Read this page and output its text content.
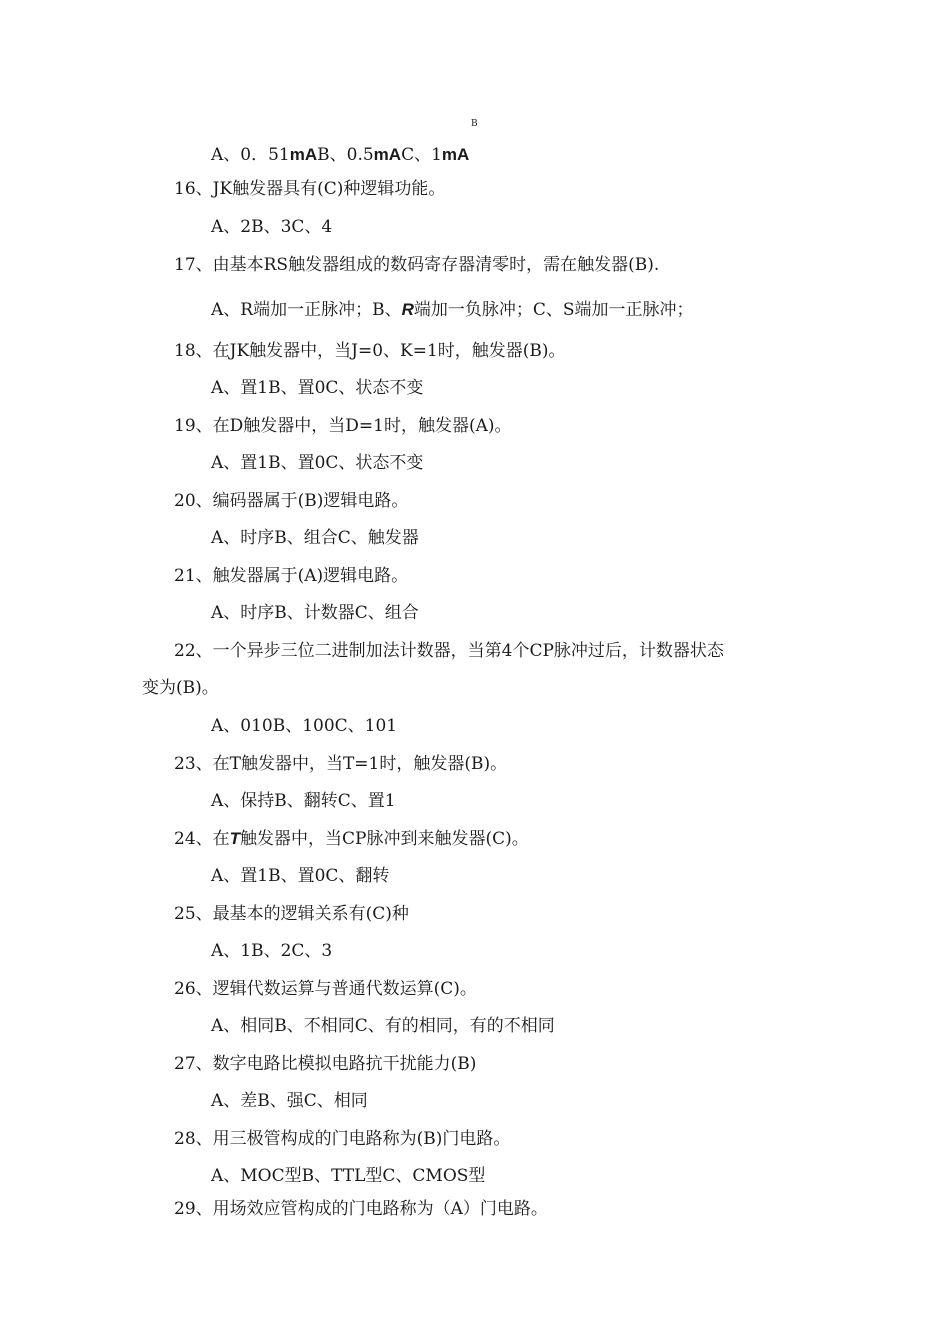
B
A、0．51mAB、0.5mAC、1mA
16、JK触发器具有(C)种逻辑功能。
A、2B、3C、4
17、由基本RS触发器组成的数码寄存器清零时，需在触发器(B).
A、R端加一正脉冲；B、R端加一负脉冲；C、S端加一正脉冲；
18、在JK触发器中，当J=0、K=1时，触发器(B)。
A、置1B、置0C、状态不变
19、在D触发器中，当D=1时，触发器(A)。
A、置1B、置0C、状态不变
20、编码器属于(B)逻辑电路。
A、时序B、组合C、触发器
21、触发器属于(A)逻辑电路。
A、时序B、计数器C、组合
22、一个异步三位二进制加法计数器，当第4个CP脉冲过后，计数器状态
变为(B)。
A、010B、100C、101
23、在T触发器中，当T=1时，触发器(B)。
A、保持B、翻转C、置1
24、在T触发器中，当CP脉冲到来触发器(C)。
A、置1B、置0C、翻转
25、最基本的逻辑关系有(C)种
A、1B、2C、3
26、逻辑代数运算与普通代数运算(C)。
A、相同B、不相同C、有的相同，有的不相同
27、数字电路比模拟电路抗干扰能力(B)
A、差B、强C、相同
28、用三极管构成的门电路称为(B)门电路。
A、MOC型B、TTL型C、CMOS型
29、用场效应管构成的门电路称为（A）门电路。
